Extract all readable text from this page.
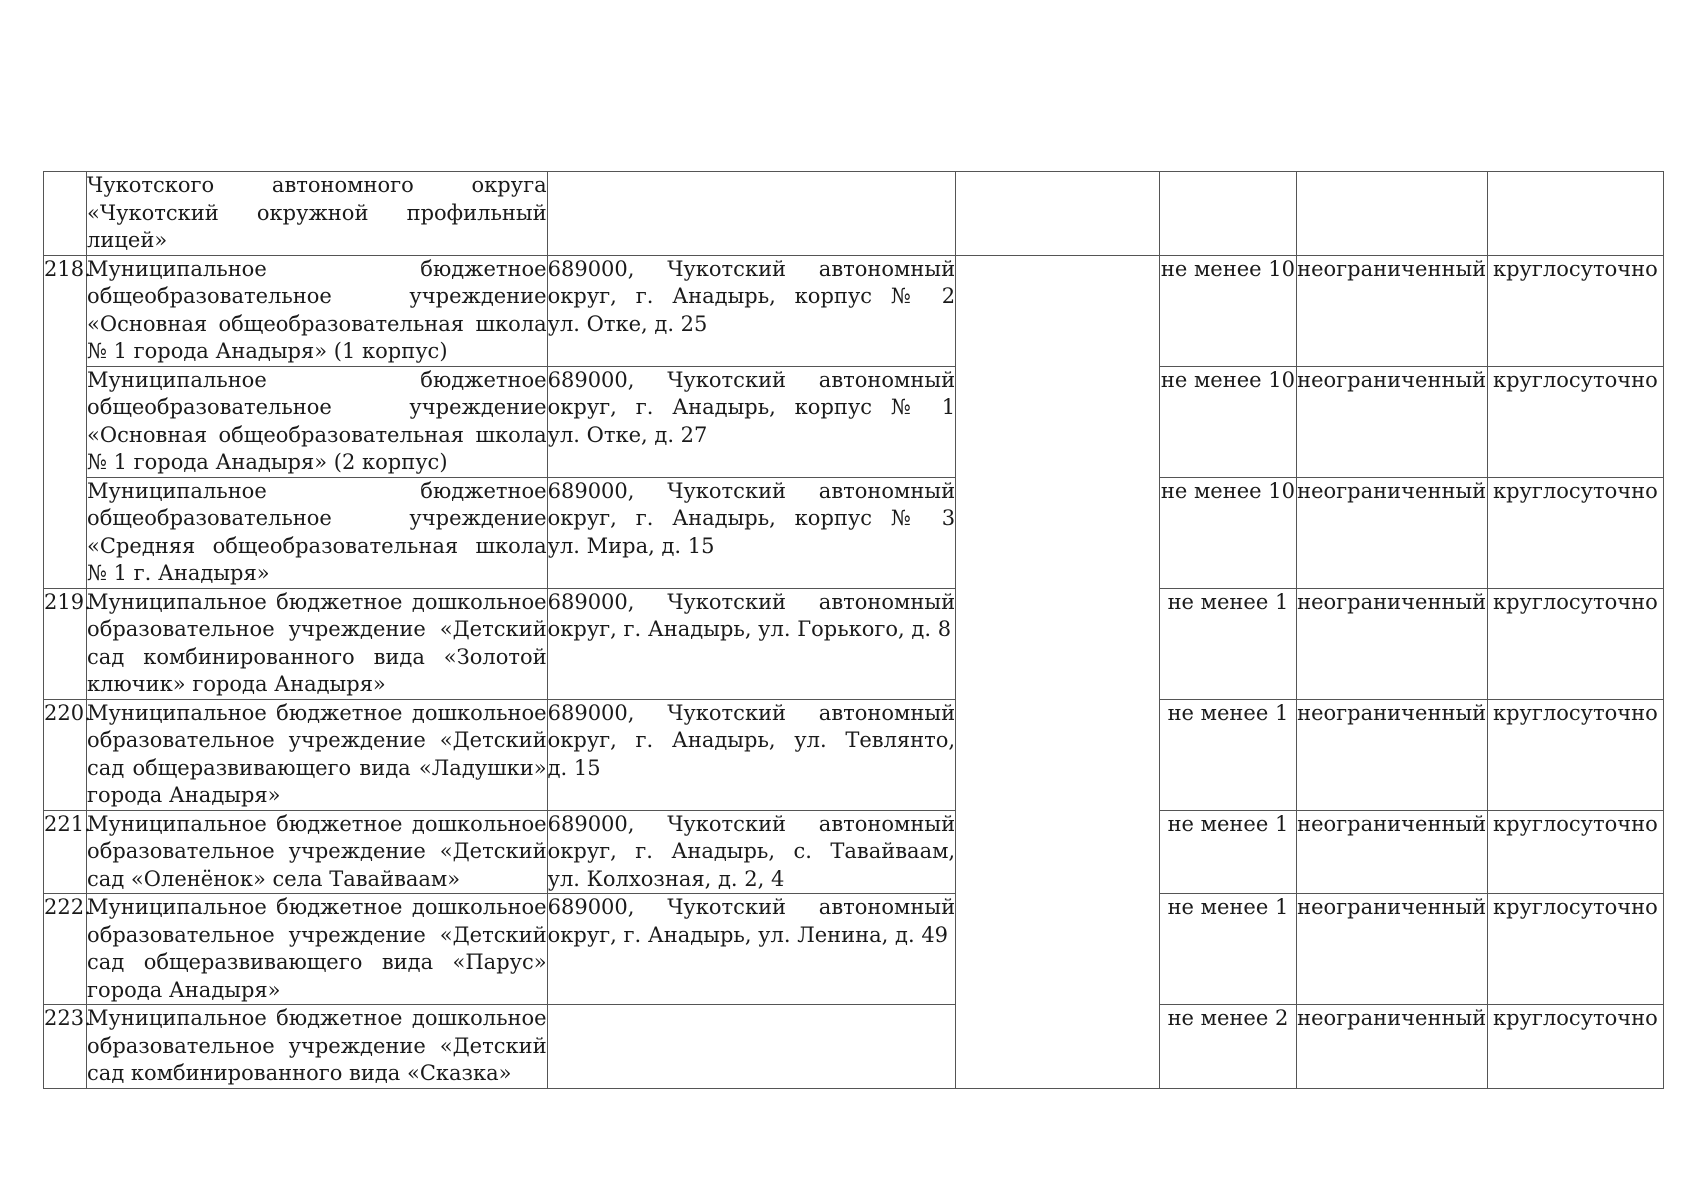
	Чукотского автономного округа
«Чукотский окружной профильный
лицей»					

218.	Муниципальное бюджетное
общеобразовательное учреждение
«Основная общеобразовательная школа
№ 1 города Анадыря» (1 корпус)	689000, Чукотский автономный
округ, г. Анадырь, корпус № 2
ул. Отке, д. 25		не менее 10	неограниченный	круглосуточно

	Муниципальное бюджетное
общеобразовательное учреждение
«Основная общеобразовательная школа
№ 1 города Анадыря» (2 корпус)	689000, Чукотский автономный
округ, г. Анадырь, корпус № 1
ул. Отке, д. 27		не менее 10	неограниченный	круглосуточно

	Муниципальное бюджетное
общеобразовательное учреждение
«Средняя общеобразовательная школа
№ 1 г. Анадыря»	689000, Чукотский автономный
округ, г. Анадырь, корпус № 3
ул. Мира, д. 15		не менее 10	неограниченный	круглосуточно
219.	Муниципальное бюджетное дошкольное
образовательное учреждение «Детский
сад комбинированного вида «Золотой
ключик» города Анадыря»	689000, Чукотский автономный
округ, г. Анадырь, ул. Горького, д. 8		не менее 1	неограниченный	круглосуточно
220.	Муниципальное бюджетное дошкольное
образовательное учреждение «Детский
сад общеразвивающего вида «Ладушки»
города Анадыря»	689000, Чукотский автономный
округ, г. Анадырь, ул. Тевлянто,
д. 15		не менее 1	неограниченный	круглосуточно
221.	Муниципальное бюджетное дошкольное
образовательное учреждение «Детский
сад «Оленёнок» села Тавайваам»	689000, Чукотский автономный
округ, г. Анадырь, с. Тавайваам,
ул. Колхозная, д. 2, 4		не менее 1	неограниченный	круглосуточно
222.	Муниципальное бюджетное дошкольное
образовательное учреждение «Детский
сад общеразвивающего вида «Парус»
города Анадыря»	689000, Чукотский автономный
округ, г. Анадырь, ул. Ленина, д. 49		не менее 1	неограниченный	круглосуточно
223.	Муниципальное бюджетное дошкольное
образовательное учреждение «Детский
сад комбинированного вида «Сказка»			не менее 2	неограниченный	круглосуточно
